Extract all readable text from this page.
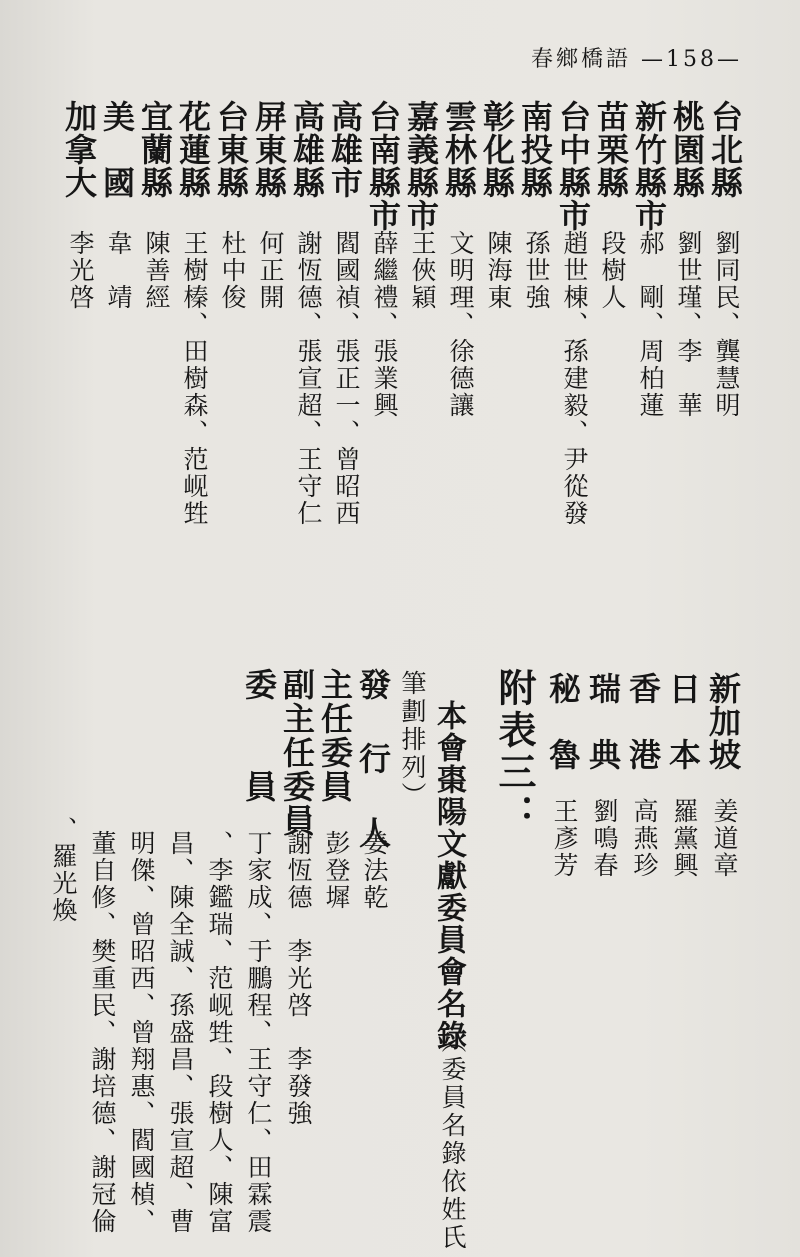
春鄉橋語 —158—
台北縣
劉同民、龔慧明
桃園縣
劉世瑾、李　華
新竹縣市
郝　剛、周柏蓮
苗栗縣
段樹人
台中縣市
趙世棟、孫建毅、尹從發
南投縣
孫世強
彰化縣
陳海東
雲林縣
文明理、徐德讓
嘉義縣市
王俠穎
台南縣市
薛繼禮、張業興
高雄市
閻國禎、張正一、曾昭西
高雄縣
謝恆德、張宣超、王守仁
屏東縣
何正開
台東縣
杜中俊
花蓮縣
王樹榛、田樹森、范岘甡
宜蘭縣
陳善經
美　國
韋　靖
加拿大
李光啓
新加坡
姜道章
日　本
羅黨興
香　港
高燕珍
瑞　典
劉鳴春
秘　魯
王彥芳
附表三：
本會棗陽文獻委員會名錄
（委員名錄依姓氏
筆劃排列）
發 行 人
姜法乾
主任委員
彭登墀
副主任委員
謝恆德　李光啓　李發強
委　　員
丁家成、于鵬程、王守仁、田霖震
、李鑑瑞、范岘甡、段樹人、陳富
昌、陳全誠、孫盛昌、張宣超、曹
明傑、曾昭西、曾翔惠、閻國楨、
董自修、樊重民、謝培德、謝冠倫
、羅光煥
